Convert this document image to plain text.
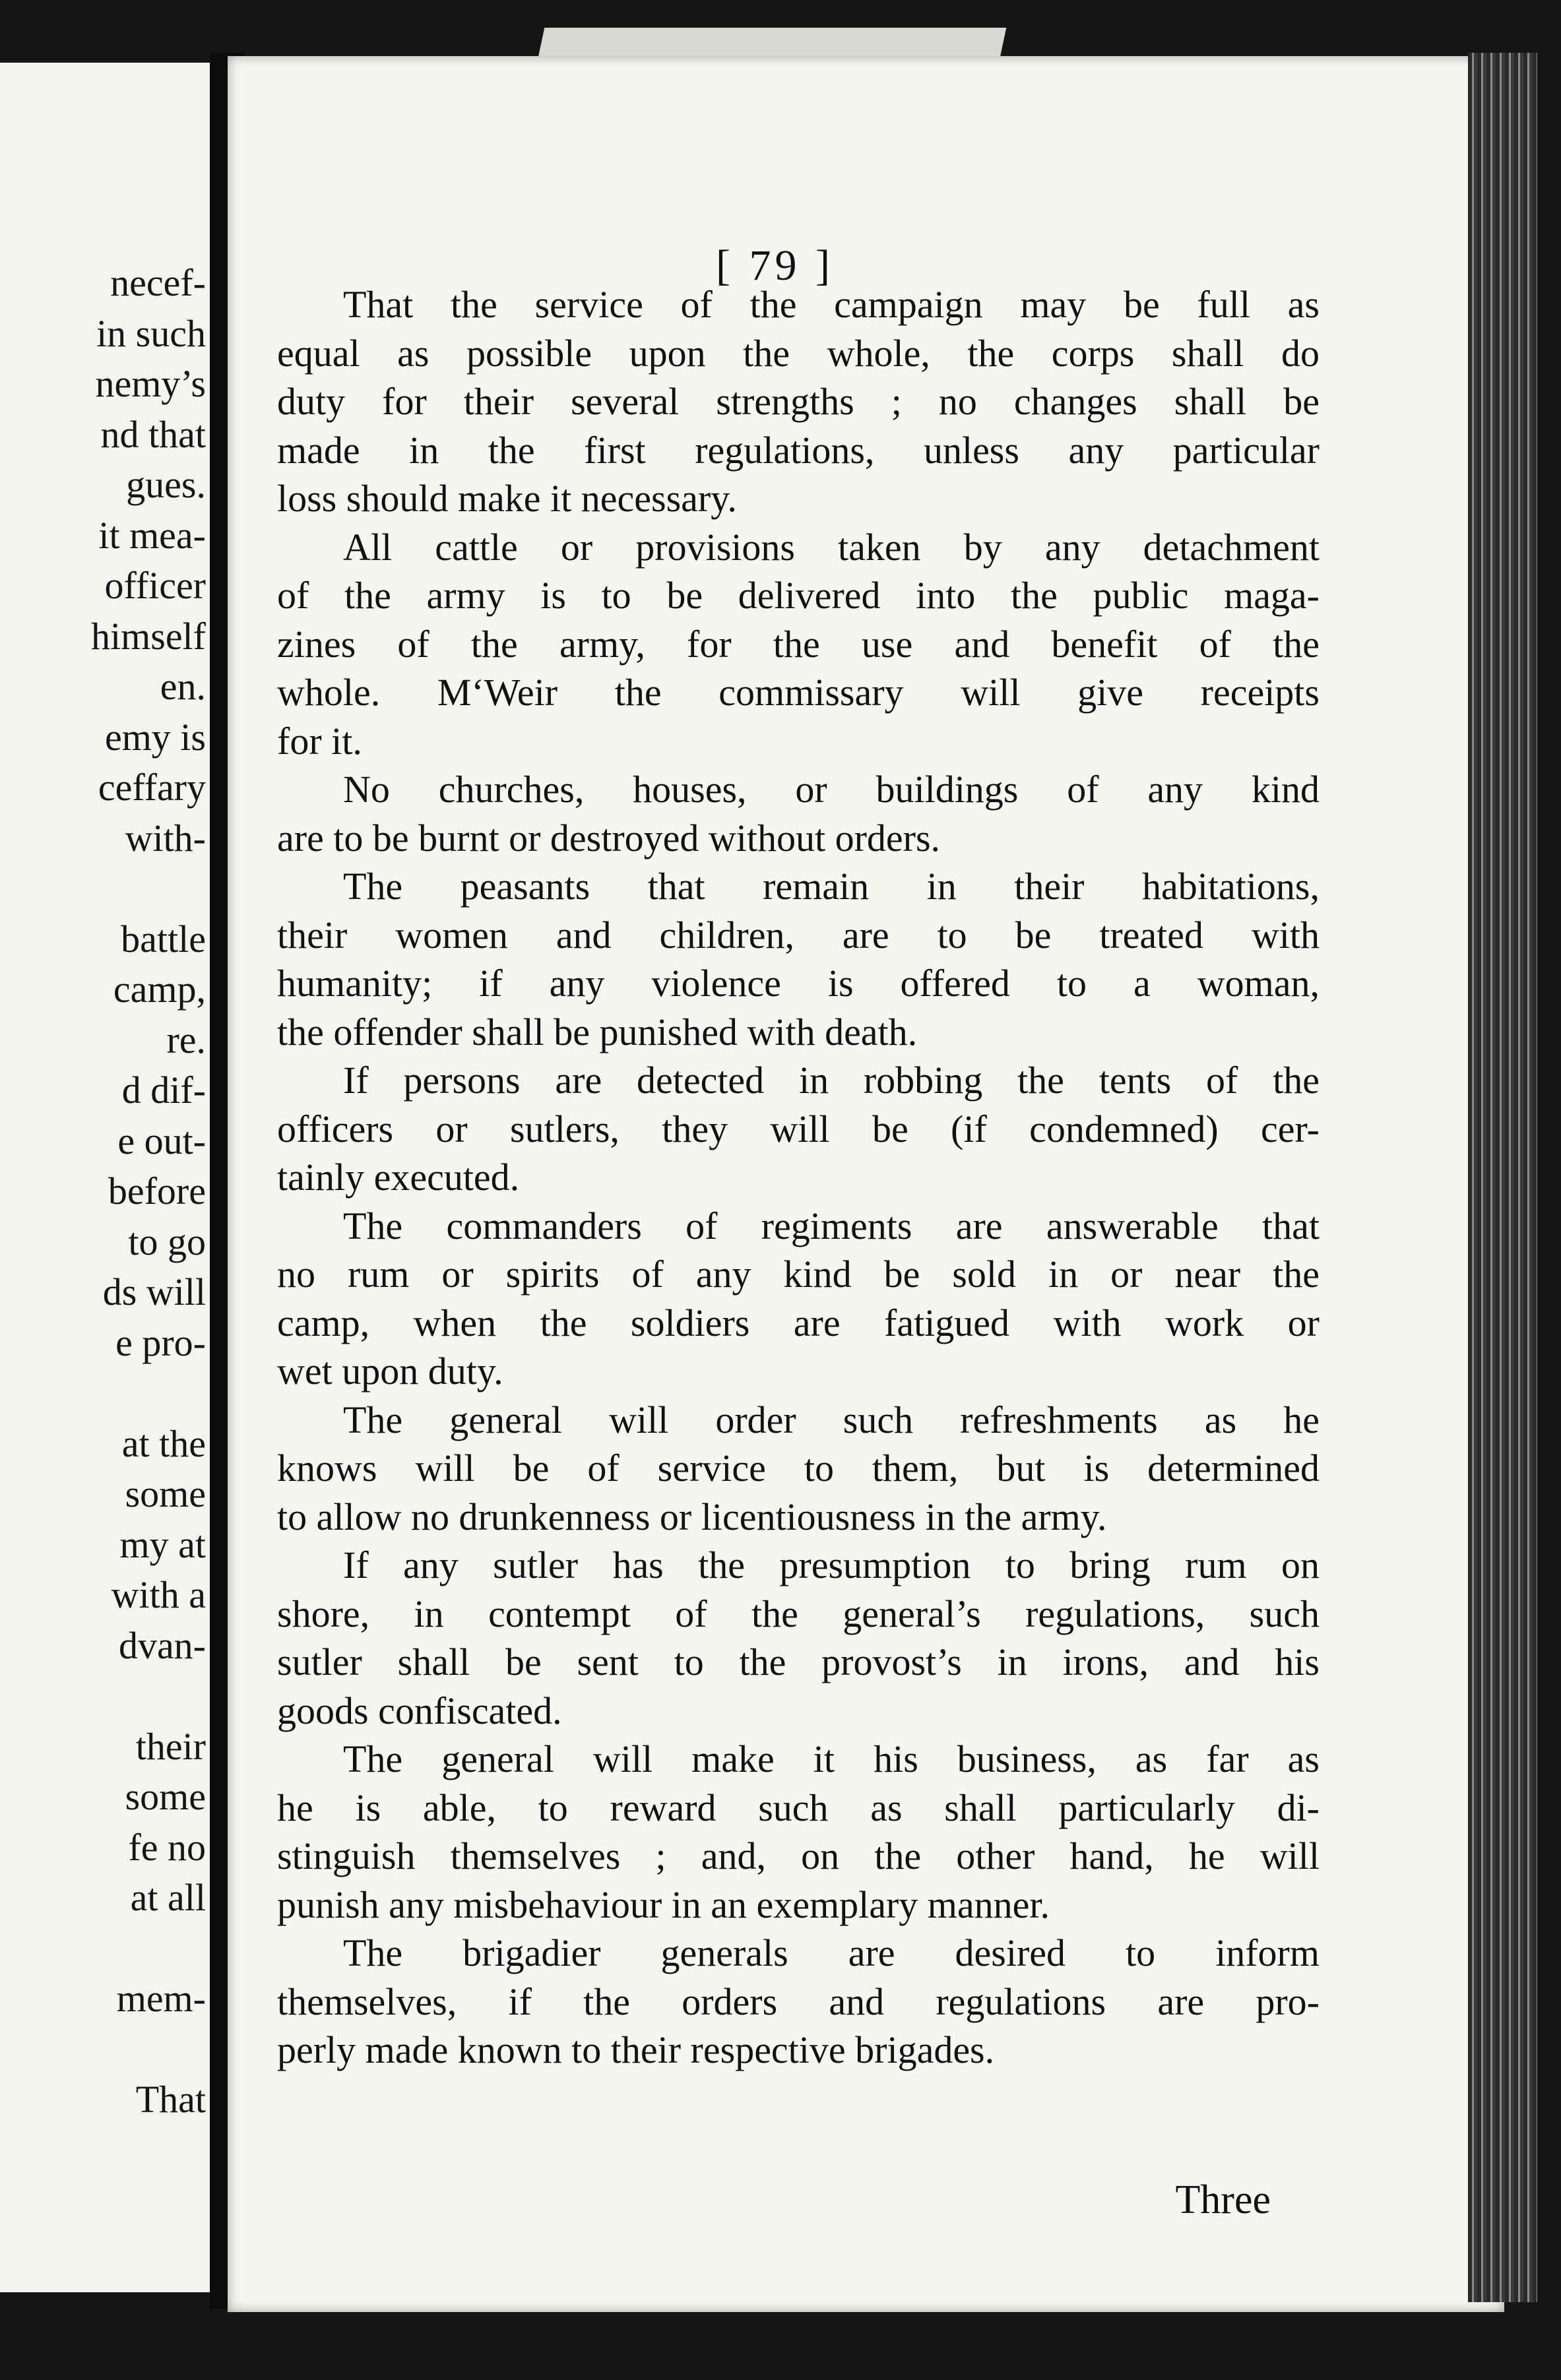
necef-
in such
nemy’s
nd that
gues.
it mea-
officer
himself
en.
emy is
ceffary
with-
battle
camp,
re.
d dif-
e out-
before
to go
ds will
e pro-
at the
some
my at
with a
dvan-
their
some
fe no
at all
mem-
That
[ 79 ]
That the service of the campaign may be full as
equal as possible upon the whole, the corps shall do
duty for their several strengths ; no changes shall be
made in the first regulations, unless any particular
loss should make it necessary.
All cattle or provisions taken by any detachment
of the army is to be delivered into the public maga-
zines of the army, for the use and benefit of the
whole. M‘Weir the commissary will give receipts
for it.
No churches, houses, or buildings of any kind
are to be burnt or destroyed without orders.
The peasants that remain in their habitations,
their women and children, are to be treated with
humanity; if any violence is offered to a woman,
the offender shall be punished with death.
If persons are detected in robbing the tents of the
officers or sutlers, they will be (if condemned) cer-
tainly executed.
The commanders of regiments are answerable that
no rum or spirits of any kind be sold in or near the
camp, when the soldiers are fatigued with work or
wet upon duty.
The general will order such refreshments as he
knows will be of service to them, but is determined
to allow no drunkenness or licentiousness in the army.
If any sutler has the presumption to bring rum on
shore, in contempt of the general’s regulations, such
sutler shall be sent to the provost’s in irons, and his
goods confiscated.
The general will make it his business, as far as
he is able, to reward such as shall particularly di-
stinguish themselves ; and, on the other hand, he will
punish any misbehaviour in an exemplary manner.
The brigadier generals are desired to inform
themselves, if the orders and regulations are pro-
perly made known to their respective brigades.
Three
